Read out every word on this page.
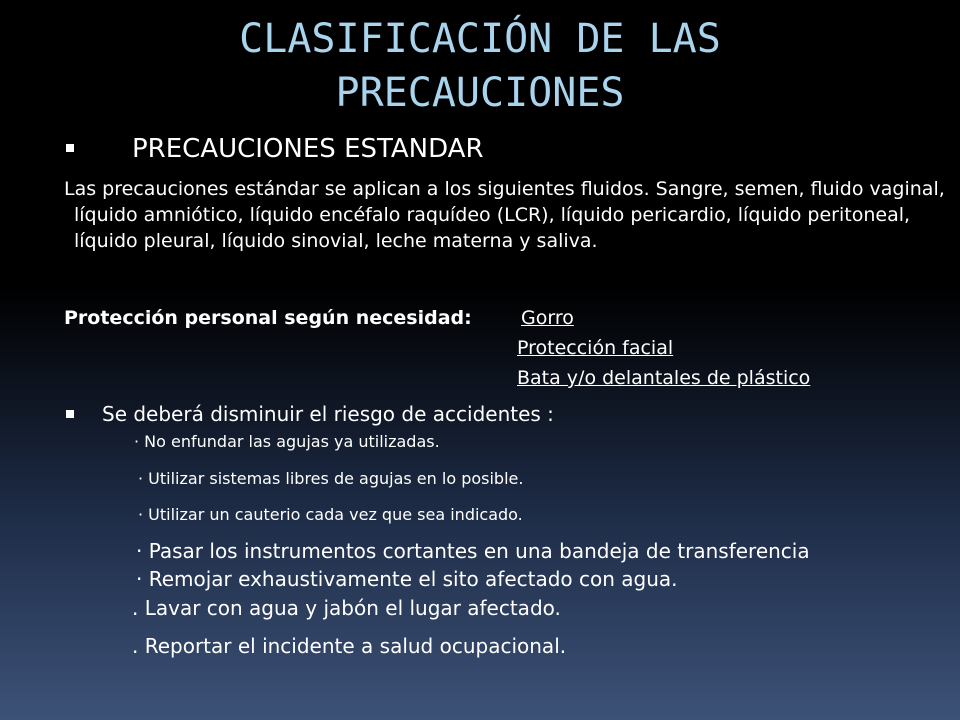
CLASIFICACIÓN DE LAS
PRECAUCIONES
PRECAUCIONES ESTANDAR
Las precauciones estándar se aplican a los siguientes fluidos. Sangre, semen, fluido vaginal, líquido amniótico, líquido encéfalo raquídeo (LCR), líquido pericardio, líquido peritoneal, líquido pleural, líquido sinovial, leche materna y saliva.
Protección personal según necesidad:	Gorro
Protección facial
Bata y/o delantales de plástico
Se deberá disminuir el riesgo de accidentes :
· No enfundar las agujas ya utilizadas.
· Utilizar sistemas libres de agujas en lo posible.
· Utilizar un cauterio cada vez que sea indicado.
· Pasar los instrumentos cortantes en una bandeja de transferencia
· Remojar exhaustivamente el sito afectado con agua.
. Lavar con agua y jabón el lugar afectado.
. Reportar el incidente a salud ocupacional.
